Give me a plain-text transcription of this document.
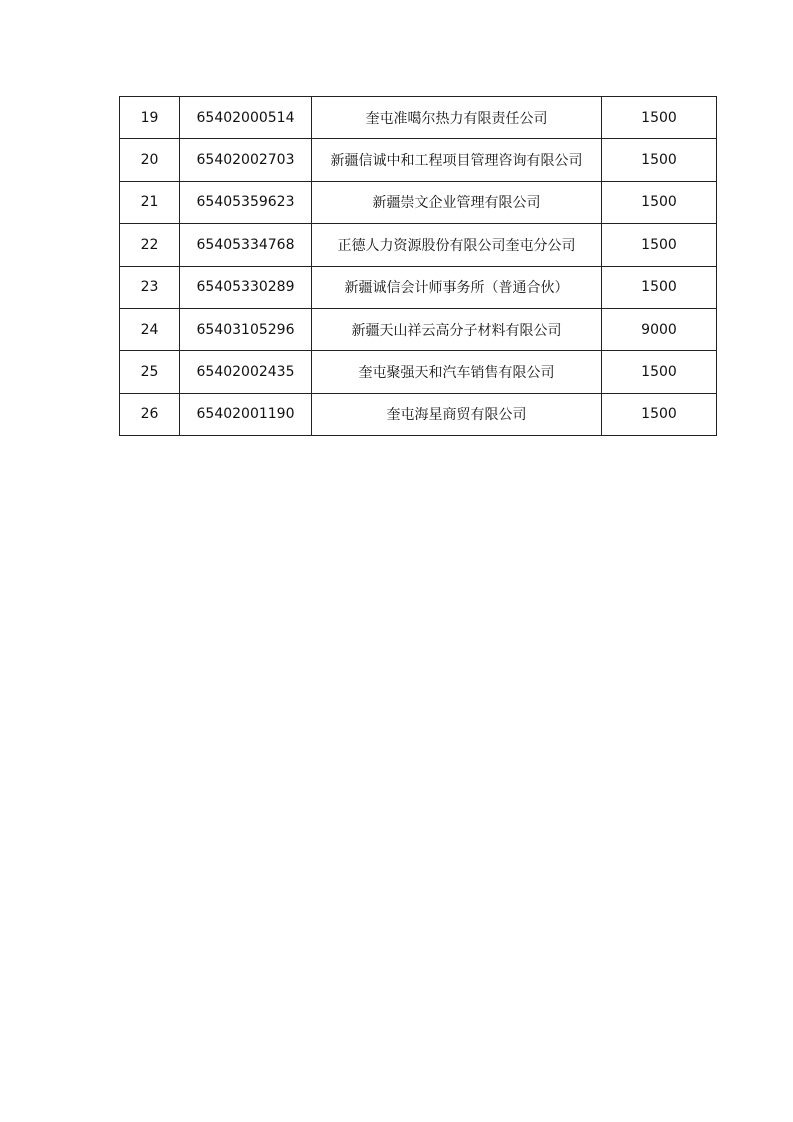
19	65402000514	奎屯准噶尔热力有限责任公司	1500
20	65402002703	新疆信诚中和工程项目管理咨询有限公司	1500
21	65405359623	新疆崇文企业管理有限公司	1500
22	65405334768	正德人力资源股份有限公司奎屯分公司	1500
23	65405330289	新疆诚信会计师事务所（普通合伙）	1500
24	65403105296	新疆天山祥云高分子材料有限公司	9000
25	65402002435	奎屯聚强天和汽车销售有限公司	1500
26	65402001190	奎屯海星商贸有限公司	1500
